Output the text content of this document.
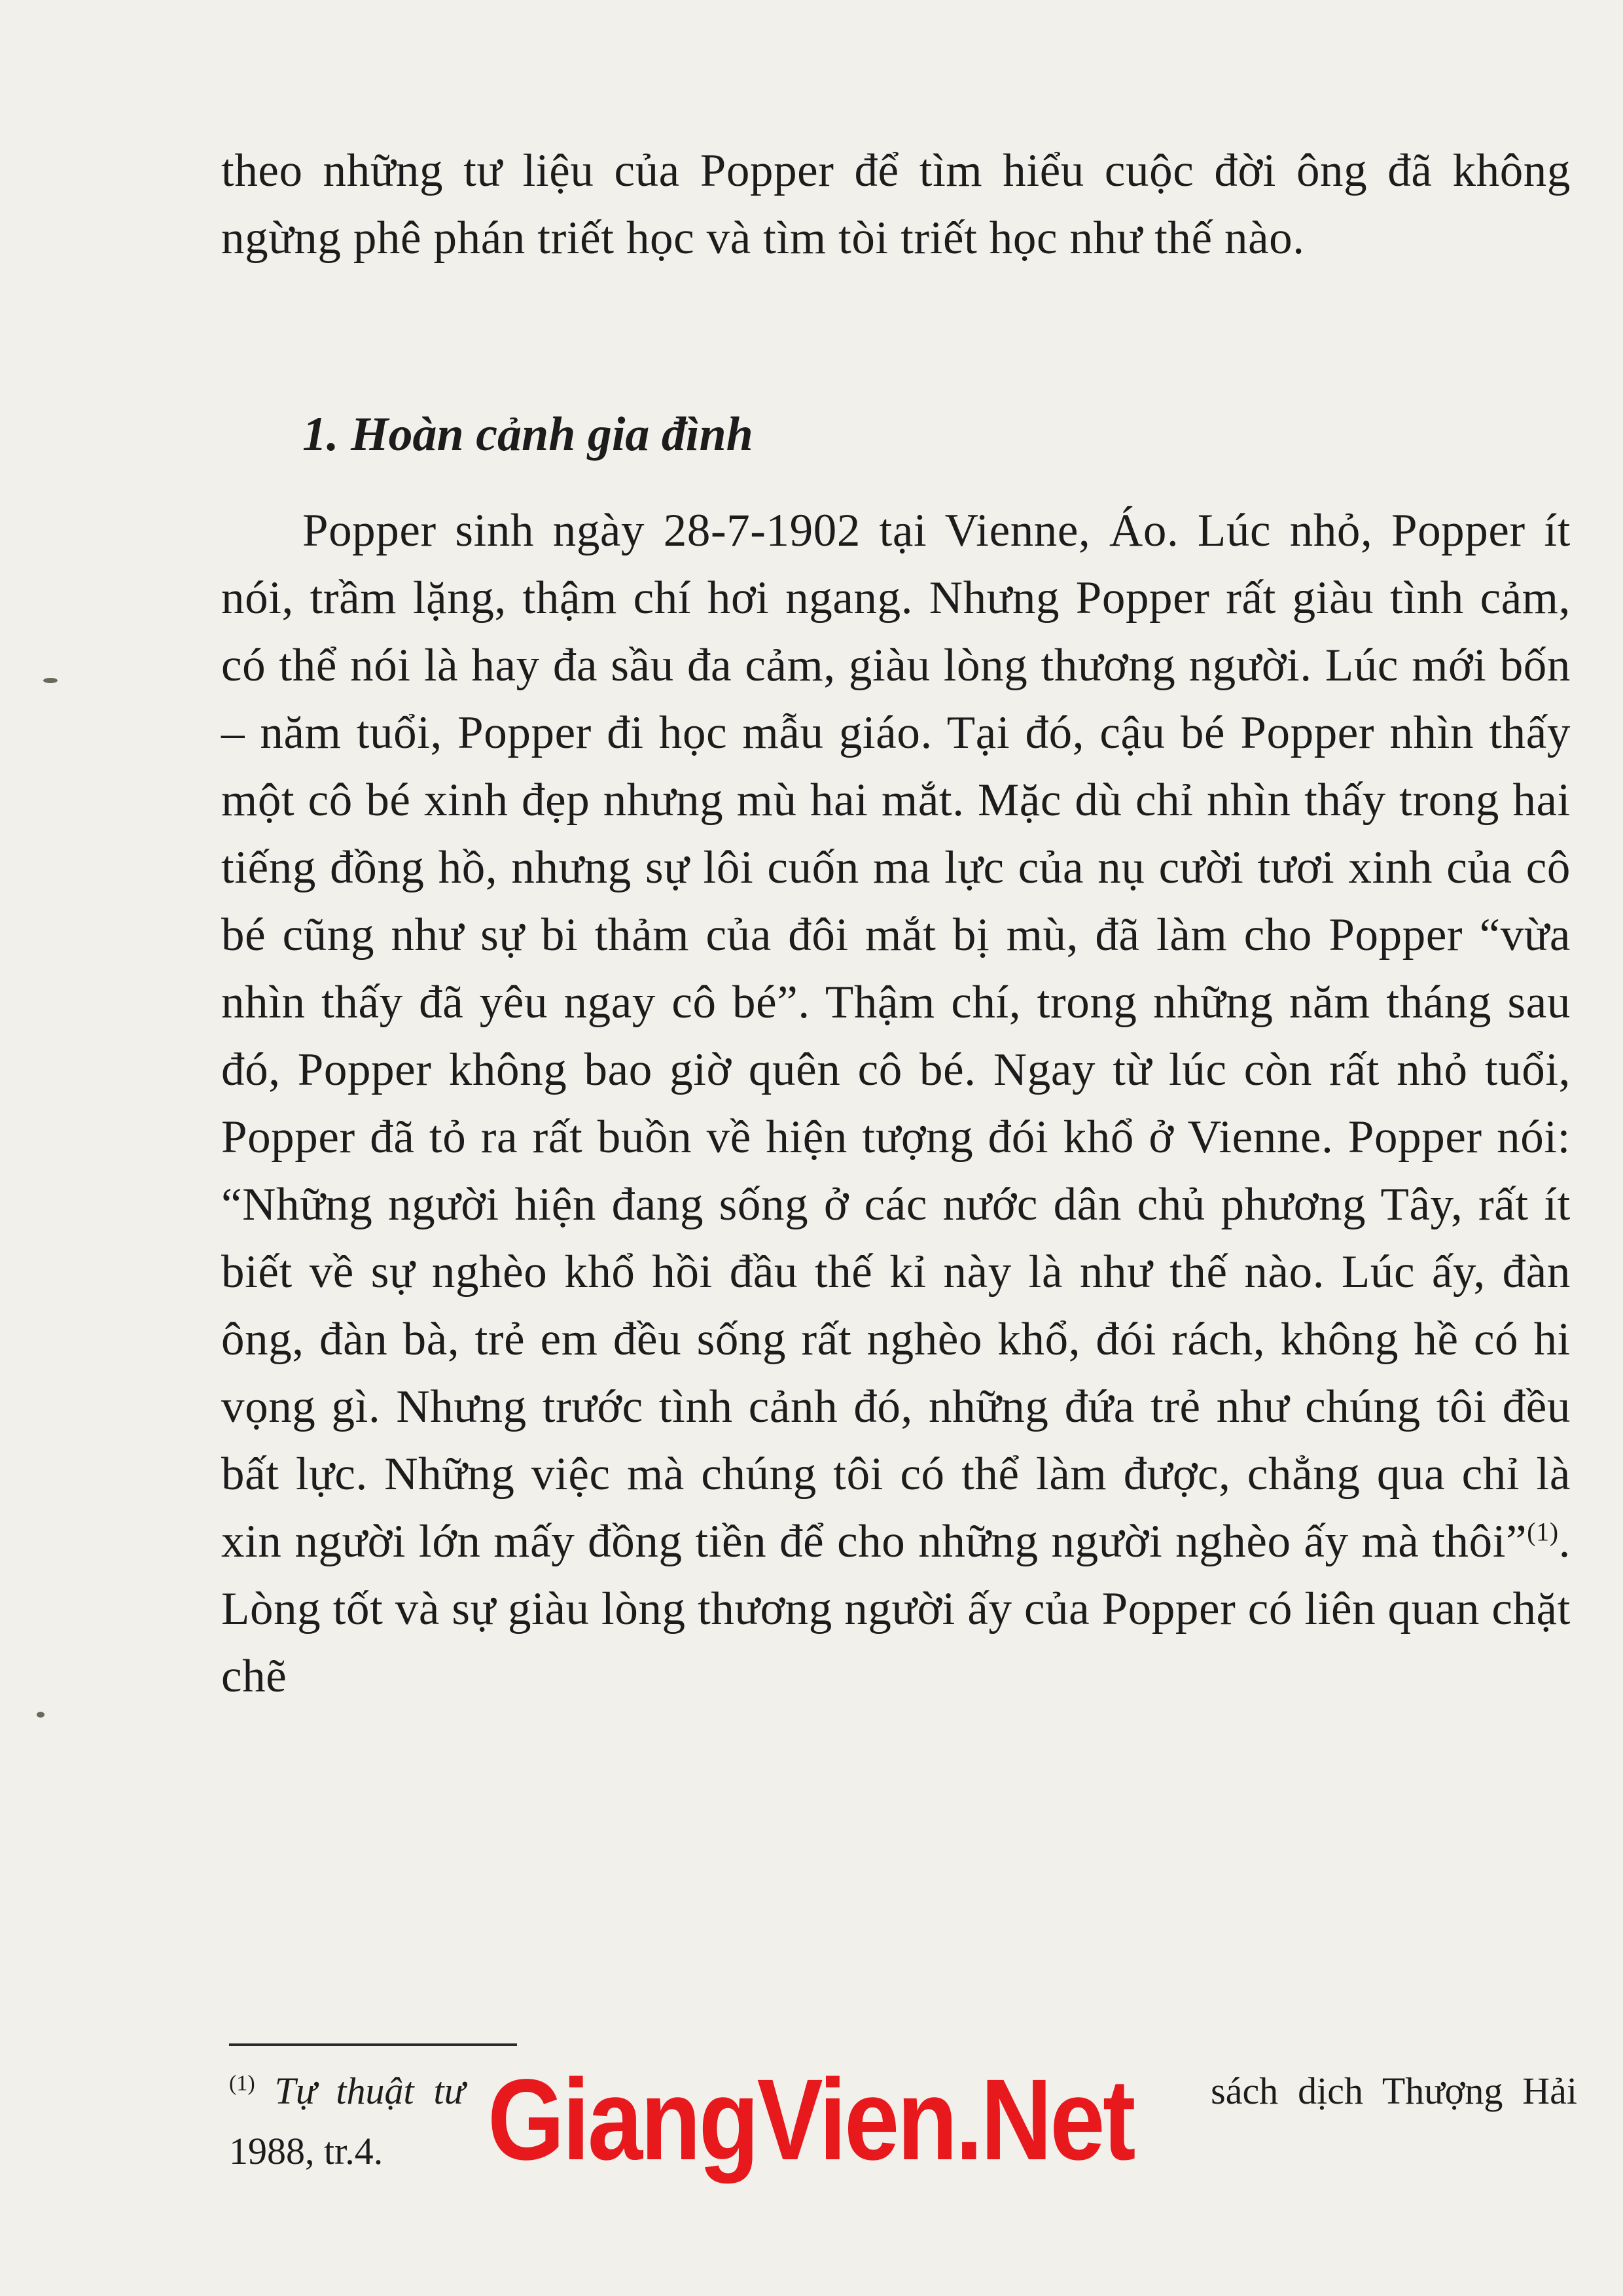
theo những tư liệu của Popper để tìm hiểu cuộc đời ông đã không ngừng phê phán triết học và tìm tòi triết học như thế nào.

1. Hoàn cảnh gia đình

Popper sinh ngày 28-7-1902 tại Vienne, Áo. Lúc nhỏ, Popper ít nói, trầm lặng, thậm chí hơi ngang. Nhưng Popper rất giàu tình cảm, có thể nói là hay đa sầu đa cảm, giàu lòng thương người. Lúc mới bốn – năm tuổi, Popper đi học mẫu giáo. Tại đó, cậu bé Popper nhìn thấy một cô bé xinh đẹp nhưng mù hai mắt. Mặc dù chỉ nhìn thấy trong hai tiếng đồng hồ, nhưng sự lôi cuốn ma lực của nụ cười tươi xinh của cô bé cũng như sự bi thảm của đôi mắt bị mù, đã làm cho Popper “vừa nhìn thấy đã yêu ngay cô bé”. Thậm chí, trong những năm tháng sau đó, Popper không bao giờ quên cô bé. Ngay từ lúc còn rất nhỏ tuổi, Popper đã tỏ ra rất buồn về hiện tượng đói khổ ở Vienne. Popper nói: “Những người hiện đang sống ở các nước dân chủ phương Tây, rất ít biết về sự nghèo khổ hồi đầu thế kỉ này là như thế nào. Lúc ấy, đàn ông, đàn bà, trẻ em đều sống rất nghèo khổ, đói rách, không hề có hi vọng gì. Nhưng trước tình cảnh đó, những đứa trẻ như chúng tôi đều bất lực. Những việc mà chúng tôi có thể làm được, chẳng qua chỉ là xin người lớn mấy đồng tiền để cho những người nghèo ấy mà thôi”$^{(1)}$. Lòng tốt và sự giàu lòng thương người ấy của Popper có liên quan chặt chẽ

$^{(1)}$ Tự thuật tư	sách dịch Thượng Hải 1988, tr.4. GiangVien.Net
